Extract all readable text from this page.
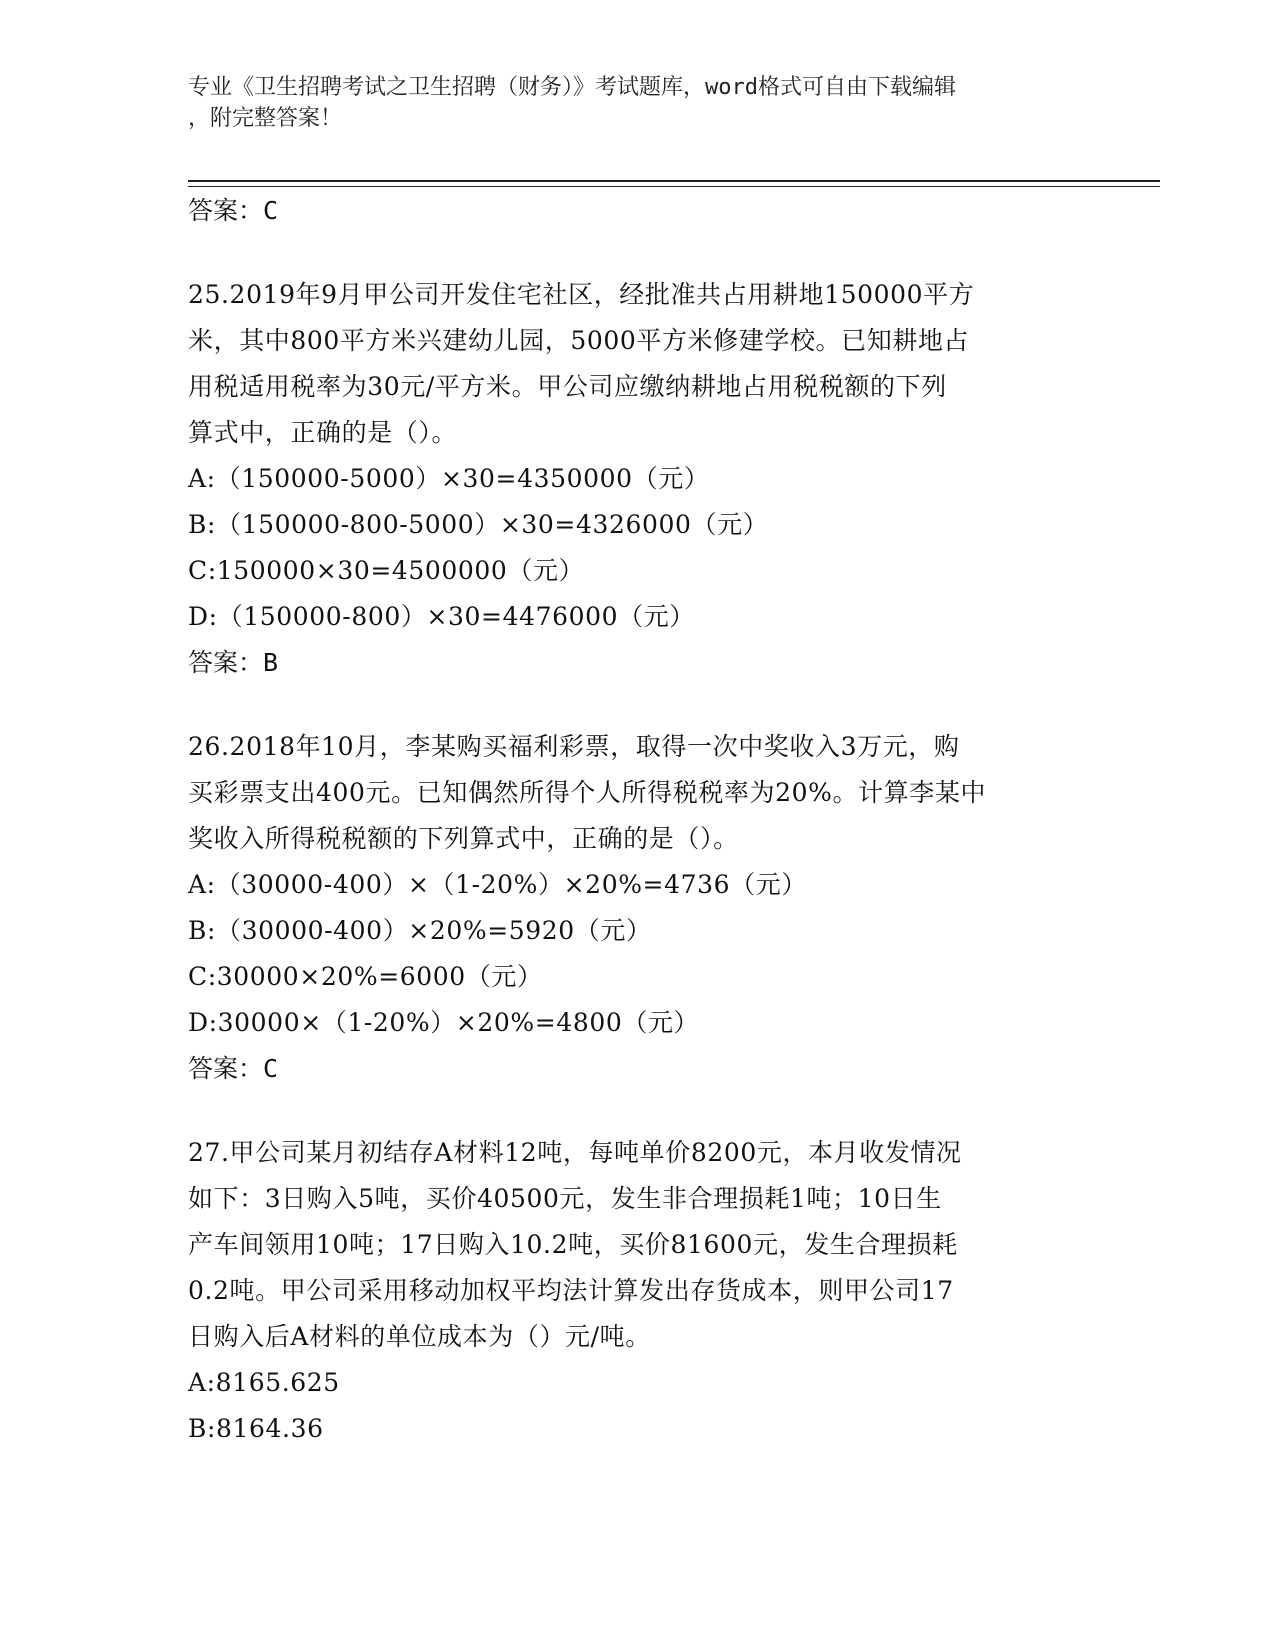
专业《卫生招聘考试之卫生招聘（财务）》考试题库，word格式可自由下载编辑
，附完整答案！
答案：C
25.2019年9月甲公司开发住宅社区，经批准共占用耕地150000平方
米，其中800平方米兴建幼儿园，5000平方米修建学校。已知耕地占
用税适用税率为30元/平方米。甲公司应缴纳耕地占用税税额的下列
算式中，正确的是（）。
A:（150000-5000）×30=4350000（元）
B:（150000-800-5000）×30=4326000（元）
C:150000×30=4500000（元）
D:（150000-800）×30=4476000（元）
答案：B
26.2018年10月，李某购买福利彩票，取得一次中奖收入3万元，购
买彩票支出400元。已知偶然所得个人所得税税率为20%。计算李某中
奖收入所得税税额的下列算式中，正确的是（）。
A:（30000-400）×（1-20%）×20%=4736（元）
B:（30000-400）×20%=5920（元）
C:30000×20%=6000（元）
D:30000×（1-20%）×20%=4800（元）
答案：C
27.甲公司某月初结存A材料12吨，每吨单价8200元，本月收发情况
如下：3日购入5吨，买价40500元，发生非合理损耗1吨；10日生
产车间领用10吨；17日购入10.2吨，买价81600元，发生合理损耗
0.2吨。甲公司采用移动加权平均法计算发出存货成本，则甲公司17
日购入后A材料的单位成本为（）元/吨。
A:8165.625
B:8164.36
